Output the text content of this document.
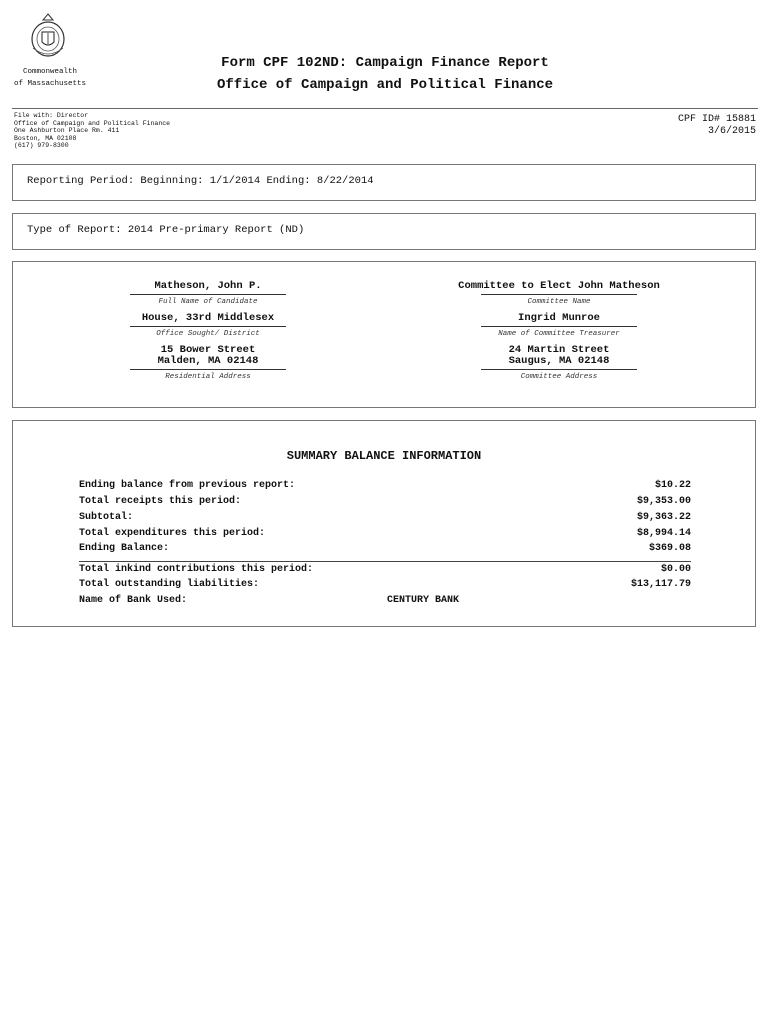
Commonwealth
of Massachusetts
Form CPF 102ND: Campaign Finance Report
Office of Campaign and Political Finance
File with: Director
Office of Campaign and Political Finance
One Ashburton Place Rm. 411
Boston, MA 02108
(617) 979-8300
CPF ID# 15881
3/6/2015
Reporting Period: Beginning: 1/1/2014 Ending: 8/22/2014
Type of Report: 2014 Pre-primary Report (ND)
Matheson, John P.
Full Name of Candidate
House, 33rd Middlesex
Office Sought/ District
15 Bower Street
Malden, MA 02148
Residential Address
Committee to Elect John Matheson
Committee Name
Ingrid Munroe
Name of Committee Treasurer
24 Martin Street
Saugus, MA 02148
Committee Address
SUMMARY BALANCE INFORMATION
Ending balance from previous report:	$10.22
Total receipts this period:	$9,353.00
Subtotal:	$9,363.22
Total expenditures this period:	$8,994.14
Ending Balance:	$369.08
Total inkind contributions this period:	$0.00
Total outstanding liabilities:	$13,117.79
Name of Bank Used:	CENTURY BANK
